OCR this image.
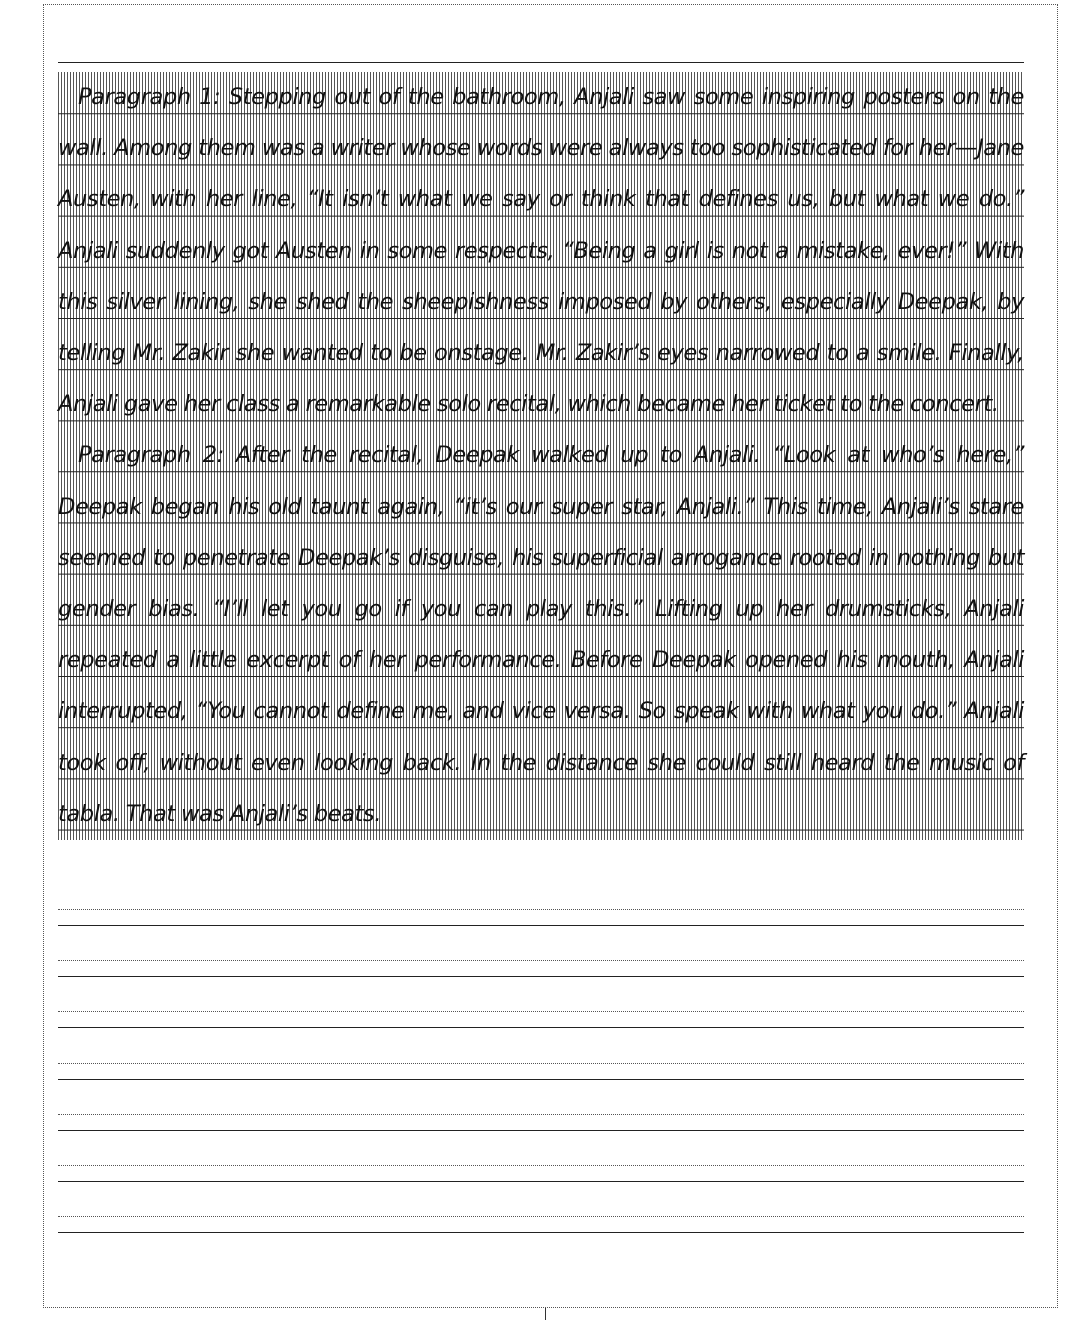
Paragraph 1: Stepping out of the bathroom, Anjali saw some inspiring posters on the wall. Among them was a writer whose words were always too sophisticated for her—Jane Austen, with her line, “It isn’t what we say or think that defines us, but what we do.” Anjali suddenly got Austen in some respects, “Being a girl is not a mistake, ever!” With this silver lining, she shed the sheepishness imposed by others, especially Deepak, by telling Mr. Zakir she wanted to be onstage. Mr. Zakir’s eyes narrowed to a smile. Finally, Anjali gave her class a remarkable solo recital, which became her ticket to the concert.

Paragraph 2: After the recital, Deepak walked up to Anjali. “Look at who’s here,” Deepak began his old taunt again, “it’s our super star, Anjali.” This time, Anjali’s stare seemed to penetrate Deepak’s disguise, his superficial arrogance rooted in nothing but gender bias. “I’ll let you go if you can play this.” Lifting up her drumsticks, Anjali repeated a little excerpt of her performance. Before Deepak opened his mouth, Anjali interrupted, “You cannot define me, and vice versa. So speak with what you do.” Anjali took off, without even looking back. In the distance she could still heard the music of tabla. That was Anjali’s beats.
